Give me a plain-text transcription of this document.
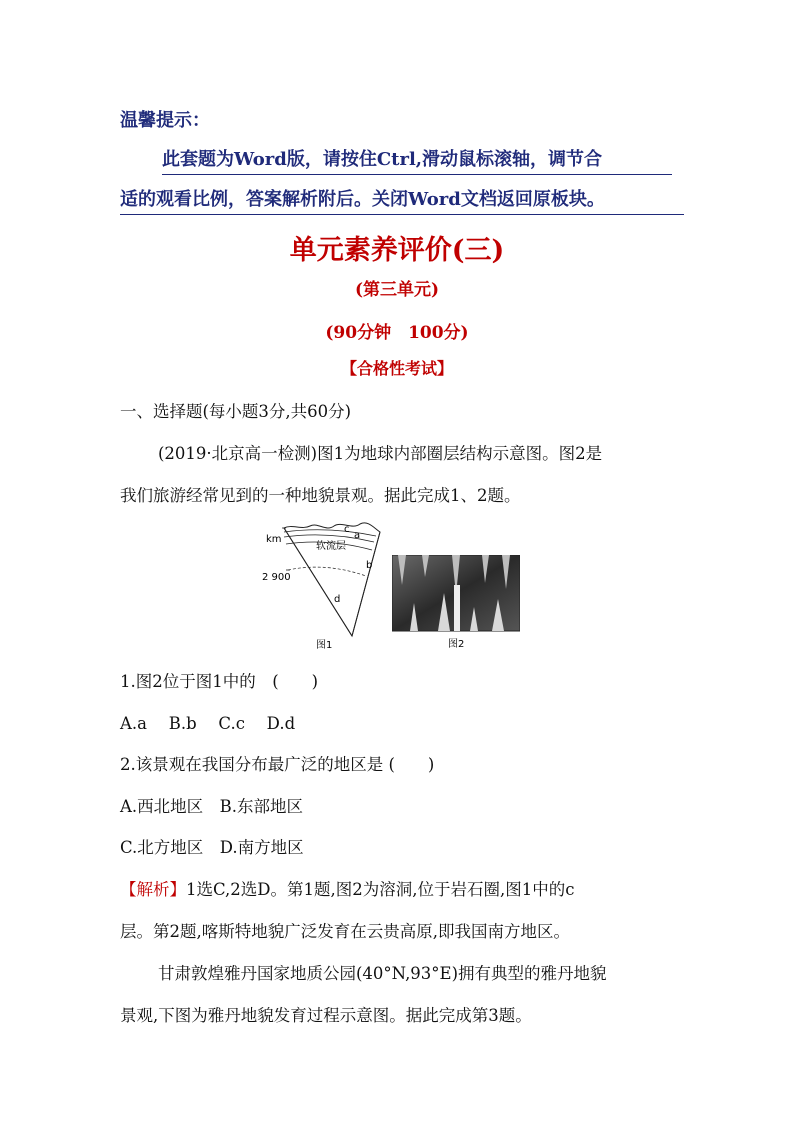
温馨提示：
此套题为Word版，请按住Ctrl,滑动鼠标滚轴，调节合
适的观看比例，答案解析附后。关闭Word文档返回原板块。
单元素养评价(三)
(第三单元)
(90分钟　100分)
【合格性考试】
一、选择题(每小题3分,共60分)
(2019·北京高一检测)图1为地球内部圈层结构示意图。图2是
我们旅游经常见到的一种地貌景观。据此完成1、2题。
km
2 900
软流层
a
b
c
d
图1	图2
1.图2位于图1中的　(　　)
A.a　 B.b　 C.c　 D.d
2.该景观在我国分布最广泛的地区是 (　　)
A.西北地区　B.东部地区
C.北方地区　D.南方地区
【解析】1选C,2选D。第1题,图2为溶洞,位于岩石圈,图1中的c
层。第2题,喀斯特地貌广泛发育在云贵高原,即我国南方地区。
甘肃敦煌雅丹国家地质公园(40°N,93°E)拥有典型的雅丹地貌
景观,下图为雅丹地貌发育过程示意图。据此完成第3题。
